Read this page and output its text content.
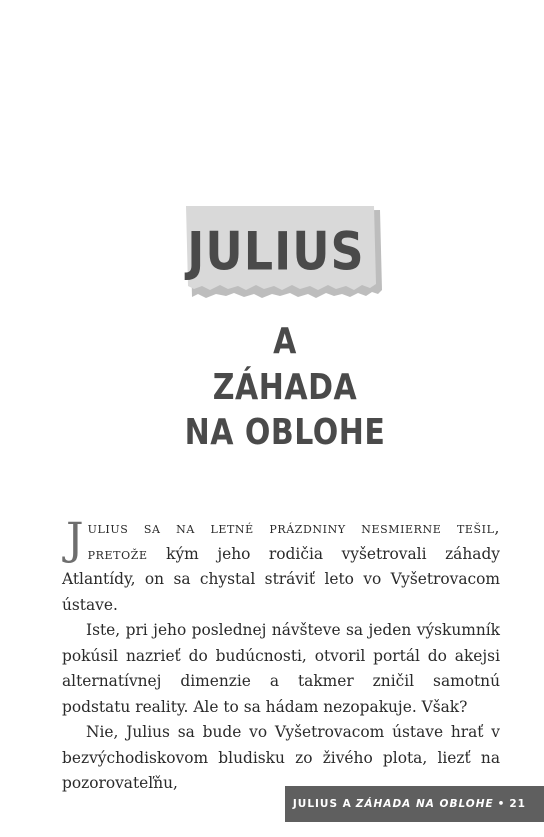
JULIUS
A
ZÁHADA
NA OBLOHE

Julius sa na letné prázdniny nesmierne tešil, pretože kým jeho rodičia vyšetrovali záhady Atlantídy, on sa chystal stráviť leto vo Vyšetrovacom ústave.

Iste, pri jeho poslednej návšteve sa jeden výskumník pokúsil nazrieť do budúcnosti, otvoril portál do akejsi alternatívnej dimenzie a takmer zničil samotnú podstatu reality. Ale to sa hádam nezopakuje. Však?

Nie, Julius sa bude vo Vyšetrovacom ústave hrať v bezvýchodiskovom bludisku zo živého plota, liezť na pozorovateľňu,

JULIUS A ZÁHADA NA OBLOHE • 21
